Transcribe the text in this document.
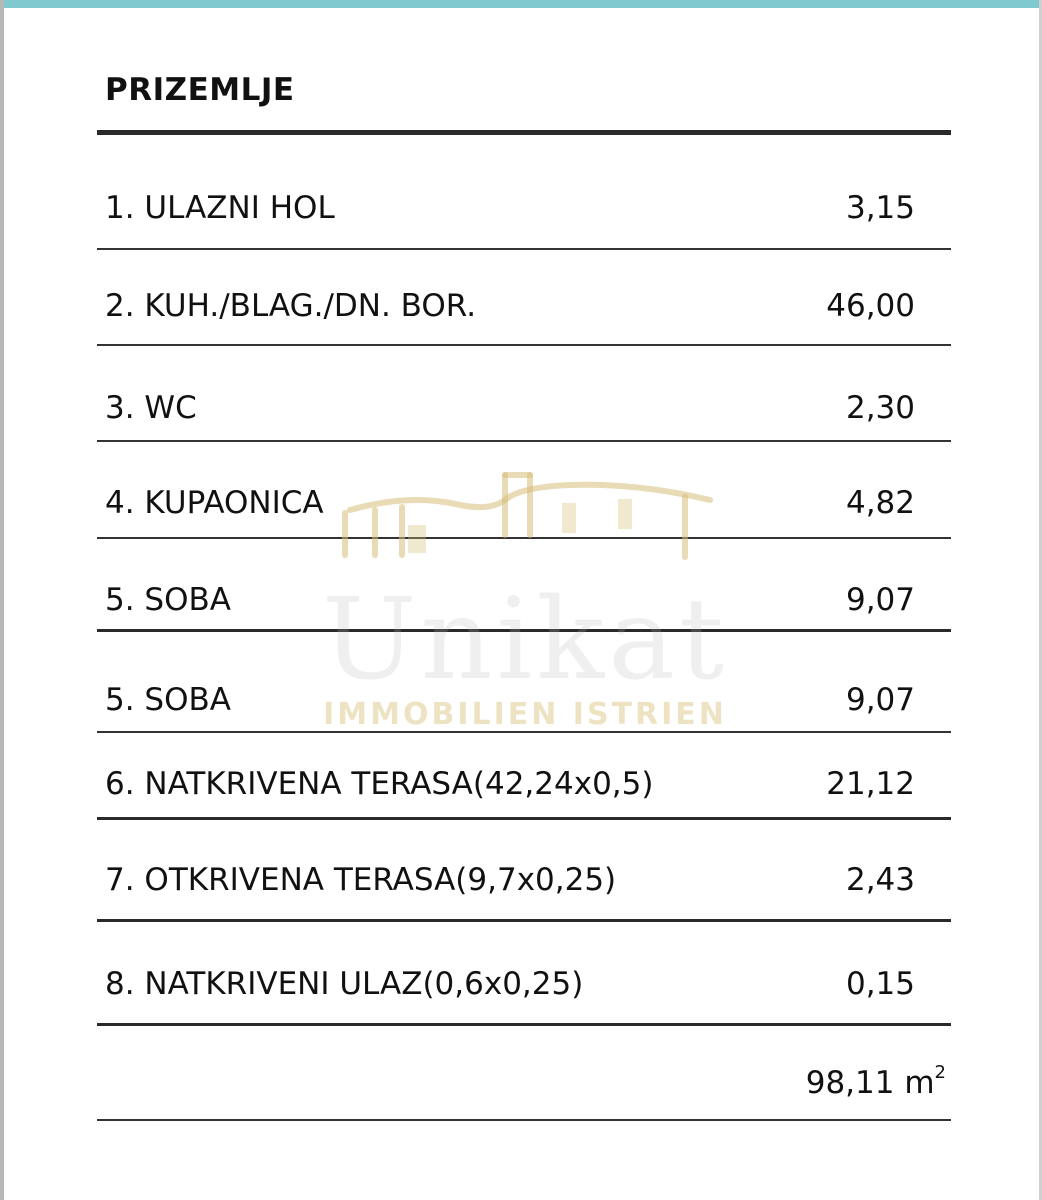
PRIZEMLJE
1. ULAZNI HOL	3,15
2. KUH./BLAG./DN. BOR.	46,00
3. WC	2,30
4. KUPAONICA	4,82
5. SOBA	9,07
5. SOBA	9,07
6. NATKRIVENA TERASA(42,24x0,5)	21,12
7. OTKRIVENA TERASA(9,7x0,25)	2,43
8. NATKRIVENI ULAZ(0,6x0,25)	0,15
98,11 $m^2$
Unikat
IMMOBILIEN ISTRIEN
